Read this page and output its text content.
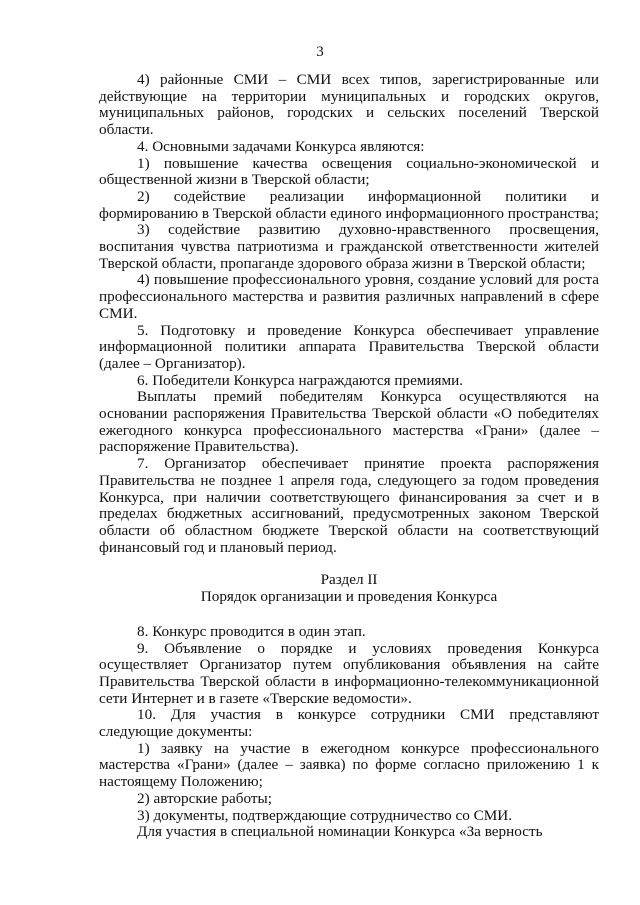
3

4) районные СМИ – СМИ всех типов, зарегистрированные или действующие на территории муниципальных и городских округов, муниципальных районов, городских и сельских поселений Тверской области.

4. Основными задачами Конкурса являются:

1) повышение качества освещения социально-экономической и общественной жизни в Тверской области;

2) содействие реализации информационной политики и формированию в Тверской области единого информационного пространства;

3) содействие развитию духовно-нравственного просвещения, воспитания чувства патриотизма и гражданской ответственности жителей Тверской области, пропаганде здорового образа жизни в Тверской области;

4) повышение профессионального уровня, создание условий для роста профессионального мастерства и развития различных направлений в сфере СМИ.

5. Подготовку и проведение Конкурса обеспечивает управление информационной политики аппарата Правительства Тверской области (далее – Организатор).

6. Победители Конкурса награждаются премиями.

Выплаты премий победителям Конкурса осуществляются на основании распоряжения Правительства Тверской области «О победителях ежегодного конкурса профессионального мастерства «Грани» (далее – распоряжение Правительства).

7. Организатор обеспечивает принятие проекта распоряжения Правительства не позднее 1 апреля года, следующего за годом проведения Конкурса, при наличии соответствующего финансирования за счет и в пределах бюджетных ассигнований, предусмотренных законом Тверской области об областном бюджете Тверской области на соответствующий финансовый год и плановый период.

Раздел II

Порядок организации и проведения Конкурса

8. Конкурс проводится в один этап.

9. Объявление о порядке и условиях проведения Конкурса осуществляет Организатор путем опубликования объявления на сайте Правительства Тверской области в информационно-телекоммуникационной сети Интернет и в газете «Тверские ведомости».

10. Для участия в конкурсе сотрудники СМИ представляют следующие документы:

1) заявку на участие в ежегодном конкурсе профессионального мастерства «Грани» (далее – заявка) по форме согласно приложению 1 к настоящему Положению;

2) авторские работы;

3) документы, подтверждающие сотрудничество со СМИ.

Для участия в специальной номинации Конкурса «За верность
